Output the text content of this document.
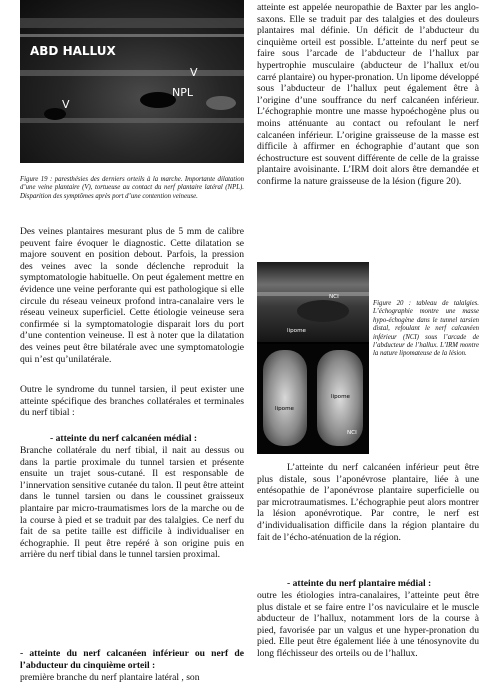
ABD HALLUX
V
V
NPL

Figure 19 : paresthésies des derniers orteils à la marche. Importante dilatation d’une veine plantaire (V), tortueuse au contact du nerf plantaire latéral (NPL). Disparition des symptômes après port d’une contention veineuse.

Des veines plantaires mesurant plus de 5 mm de calibre peuvent faire évoquer le diagnostic. Cette dilatation se majore souvent en position debout. Parfois, la pression des veines avec la sonde déclenche reproduit la symptomatologie habituelle. On peut également mettre en évidence une veine perforante qui est pathologique si elle circule du réseau veineux profond intra-canalaire vers le réseau veineux superficiel. Cette étiologie veineuse sera confirmée si la symptomatologie disparait lors du port d’une contention veineuse. Il est à noter que la dilatation des veines peut être bilatérale avec une symptomatologie qui n’est qu’unilatérale.

Outre le syndrome du tunnel tarsien, il peut exister une atteinte spécifique des branches collatérales et terminales du nerf tibial :

- atteinte du nerf calcanéen médial :

Branche collatérale du nerf tibial, il nait au dessus ou dans la partie proximale du tunnel tarsien et présente ensuite un trajet sous-cutané. Il est responsable de l’innervation sensitive cutanée du talon. Il peut être atteint dans le tunnel tarsien ou dans le coussinet graisseux plantaire par micro-traumatismes lors de la marche ou de la course à pied et se traduit par des talalgies. Ce nerf du fait de sa petite taille est difficile à individualiser en échographie. Il peut être repéré à son origine puis en arrière du nerf tibial dans le tunnel tarsien proximal.

- atteinte du nerf calcanéen inférieur ou nerf de l’abducteur du cinquième orteil :

première branche du nerf plantaire latéral , son

atteinte est appelée neuropathie de Baxter par les anglo-saxons. Elle se traduit par des talalgies et des douleurs plantaires mal définie. Un déficit de l’abducteur du cinquième orteil est possible. L’atteinte du nerf peut se faire sous l’arcade de l’abducteur de l’hallux par hypertrophie musculaire (abducteur de l’hallux et/ou carré plantaire) ou hyper-pronation. Un lipome développé sous l’abducteur de l’hallux peut également être à l’origine d’une souffrance du nerf calcanéen inférieur. L’échographie montre une masse hypoéchogène plus ou moins atténuante au contact ou refoulant le nerf calcanéen inférieur. L’origine graisseuse de la masse est difficile à affirmer en échographie d’autant que son échostructure est souvent différente de celle de la graisse plantaire avoisinante. L’IRM doit alors être demandée et confirme la nature graisseuse de la lésion (figure 20).

NCI
lipome
lipome
lipome
NCI

Figure 20 : tableau de talalgies. L’échographie montre une masse hypo-échogène dans le tunnel tarsien distal, refoulant le nerf calcanéen inférieur (NCI) sous l’arcade de l’abducteur de l’hallux. L’IRM montre la nature lipomateuse de la lésion.

L’atteinte du nerf calcanéen inférieur peut être plus distale, sous l’aponévrose plantaire, liée à une entésopathie de l’aponévrose plantaire superficielle ou par microtraumatismes. L’échographie peut alors montrer la lésion aponévrotique. Par contre, le nerf est d’individualisation difficile dans la région plantaire du fait de l’écho-aténuation de la région.

- atteinte du nerf plantaire médial :

outre les étiologies intra-canalaires, l’atteinte peut être plus distale et se faire entre l’os naviculaire et le muscle abducteur de l’hallux, notamment lors de la course à pied, favorisée par un valgus et une hyper-pronation du pied. Elle peut être également liée à une ténosynovite du long fléchisseur des orteils ou de l’hallux.
